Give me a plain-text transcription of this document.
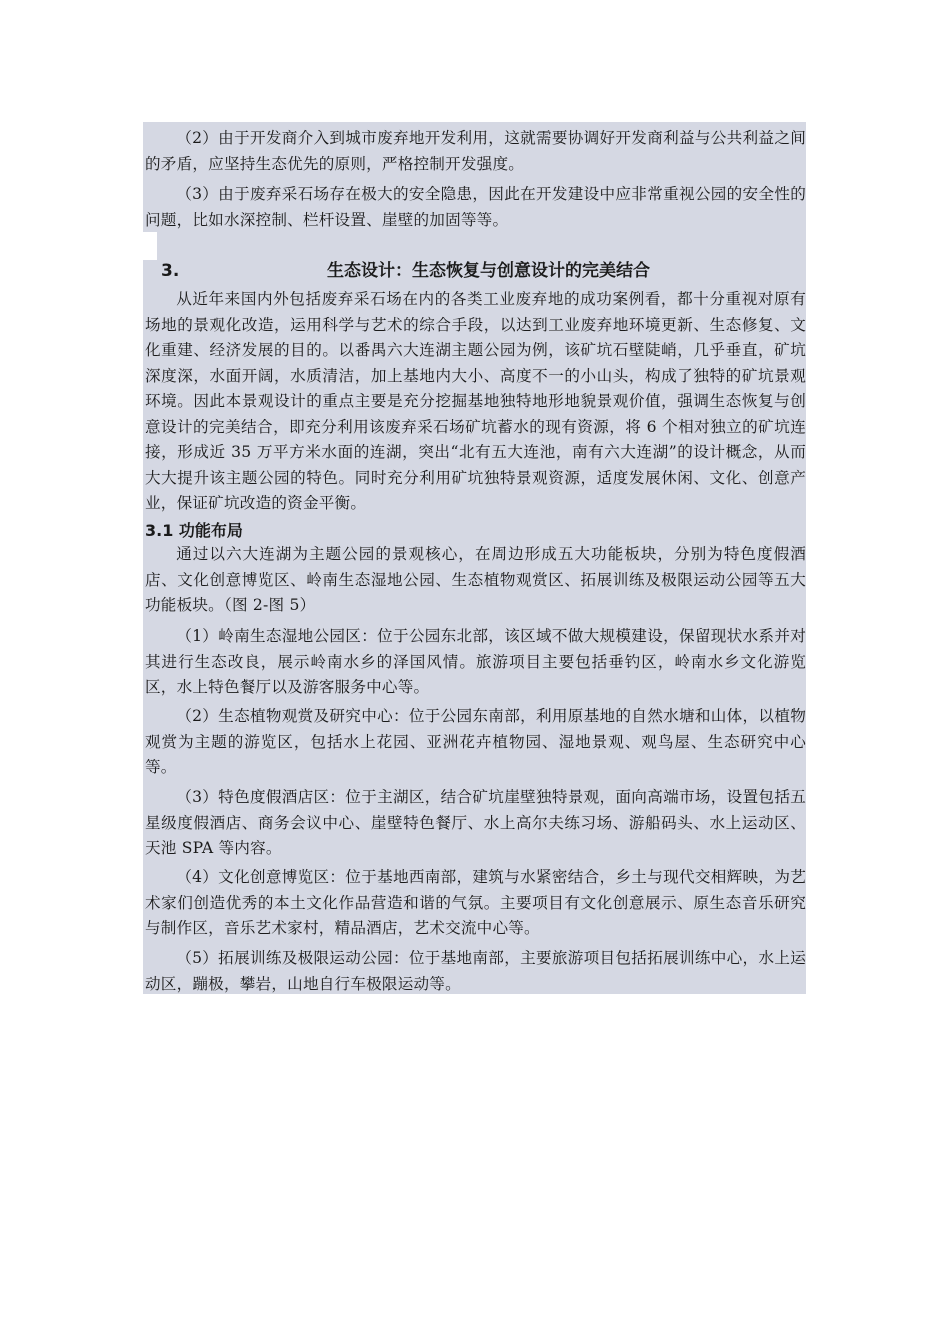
（2）由于开发商介入到城市废弃地开发利用，这就需要协调好开发商利益与公共利益之间的矛盾，应坚持生态优先的原则，严格控制开发强度。

（3）由于废弃采石场存在极大的安全隐患，因此在开发建设中应非常重视公园的安全性的问题，比如水深控制、栏杆设置、崖壁的加固等等。

3.	生态设计：生态恢复与创意设计的完美结合

从近年来国内外包括废弃采石场在内的各类工业废弃地的成功案例看，都十分重视对原有场地的景观化改造，运用科学与艺术的综合手段，以达到工业废弃地环境更新、生态修复、文化重建、经济发展的目的。以番禺六大连湖主题公园为例，该矿坑石壁陡峭，几乎垂直，矿坑深度深，水面开阔，水质清洁，加上基地内大小、高度不一的小山头，构成了独特的矿坑景观环境。因此本景观设计的重点主要是充分挖掘基地独特地形地貌景观价值，强调生态恢复与创意设计的完美结合，即充分利用该废弃采石场矿坑蓄水的现有资源，将 6 个相对独立的矿坑连接，形成近 35 万平方米水面的连湖，突出“北有五大连池，南有六大连湖”的设计概念，从而大大提升该主题公园的特色。同时充分利用矿坑独特景观资源，适度发展休闲、文化、创意产业，保证矿坑改造的资金平衡。

3.1 功能布局

通过以六大连湖为主题公园的景观核心，在周边形成五大功能板块，分别为特色度假酒店、文化创意博览区、岭南生态湿地公园、生态植物观赏区、拓展训练及极限运动公园等五大功能板块。（图 2-图 5）

（1）岭南生态湿地公园区：位于公园东北部，该区域不做大规模建设，保留现状水系并对其进行生态改良，展示岭南水乡的泽国风情。旅游项目主要包括垂钓区，岭南水乡文化游览区，水上特色餐厅以及游客服务中心等。

（2）生态植物观赏及研究中心：位于公园东南部，利用原基地的自然水塘和山体，以植物观赏为主题的游览区，包括水上花园、亚洲花卉植物园、湿地景观、观鸟屋、生态研究中心等。

（3）特色度假酒店区：位于主湖区，结合矿坑崖壁独特景观，面向高端市场，设置包括五星级度假酒店、商务会议中心、崖壁特色餐厅、水上高尔夫练习场、游船码头、水上运动区、天池 SPA 等内容。

（4）文化创意博览区：位于基地西南部，建筑与水紧密结合，乡土与现代交相辉映，为艺术家们创造优秀的本土文化作品营造和谐的气氛。主要项目有文化创意展示、原生态音乐研究与制作区，音乐艺术家村，精品酒店，艺术交流中心等。

（5）拓展训练及极限运动公园：位于基地南部，主要旅游项目包括拓展训练中心，水上运动区，蹦极，攀岩，山地自行车极限运动等。
